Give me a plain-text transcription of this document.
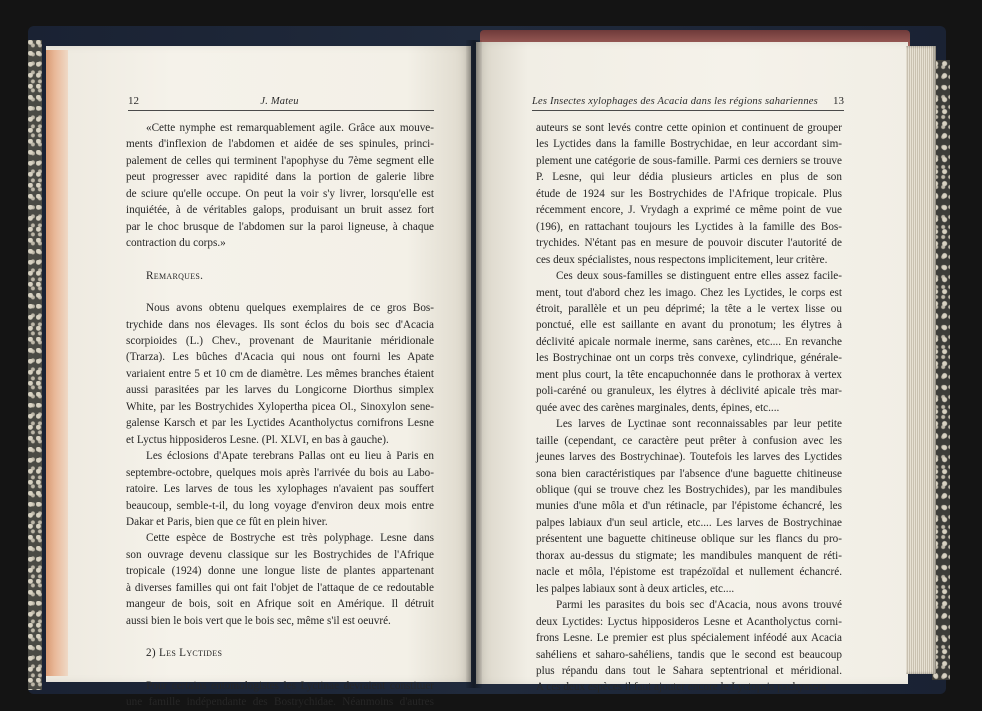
12	J. Mateu	Les Insectes xylophages des Acacia dans les régions sahariennes 13
«Cette nymphe est remarquablement agile. Grâce aux mouve-
ments d'inflexion de l'abdomen et aidée de ses spinules, princi-
palement de celles qui terminent l'apophyse du 7ème segment elle
peut progresser avec rapidité dans la portion de galerie libre
de sciure qu'elle occupe. On peut la voir s'y livrer, lorsqu'elle est
inquiétée, à de véritables galops, produisant un bruit assez fort
par le choc brusque de l'abdomen sur la paroi ligneuse, à chaque
contraction du corps.»
Remarques.
Nous avons obtenu quelques exemplaires de ce gros Bos-
trychide dans nos élevages. Ils sont éclos du bois sec d'Acacia
scorpioides (L.) Chev., provenant de Mauritanie méridionale
(Trarza). Les bûches d'Acacia qui nous ont fourni les Apate
variaient entre 5 et 10 cm de diamètre. Les mêmes branches étaient
aussi parasitées par les larves du Longicorne Diorthus simplex
White, par les Bostrychides Xylopertha picea Ol., Sinoxylon sene-
galense Karsch et par les Lyctides Acantholyctus cornifrons Lesne
et Lyctus hipposideros Lesne. (Pl. XLVI, en bas à gauche).
Les éclosions d'Apate terebrans Pallas ont eu lieu à Paris en
septembre-octobre, quelques mois après l'arrivée du bois au Labo-
ratoire. Les larves de tous les xylophages n'avaient pas souffert
beaucoup, semble-t-il, du long voyage d'environ deux mois entre
Dakar et Paris, bien que ce fût en plein hiver.
Cette espèce de Bostryche est très polyphage. Lesne dans
son ouvrage devenu classique sur les Bostrychides de l'Afrique
tropicale (1924) donne une longue liste de plantes appartenant
à diverses familles qui ont fait l'objet de l'attaque de ce redoutable
mangeur de bois, soit en Afrique soit en Amérique. Il détruit
aussi bien le bois vert que le bois sec, même s'il est oeuvré.
2) Les Lyctides
Pour certains entomologistes les Lyctinae devraient constituer
une famille indépendante des Bostrychidae. Néanmoins d'autres
auteurs se sont levés contre cette opinion et continuent de grouper
les Lyctides dans la famille Bostrychidae, en leur accordant sim-
plement une catégorie de sous-famille. Parmi ces derniers se trouve
P. Lesne, qui leur dédia plusieurs articles en plus de son
étude de 1924 sur les Bostrychides de l'Afrique tropicale. Plus
récemment encore, J. Vrydagh a exprimé ce même point de vue
(196), en rattachant toujours les Lyctides à la famille des Bos-
trychides. N'étant pas en mesure de pouvoir discuter l'autorité de
ces deux spécialistes, nous respectons implicitement, leur critère.
Ces deux sous-familles se distinguent entre elles assez facile-
ment, tout d'abord chez les imago. Chez les Lyctides, le corps est
étroit, parallèle et un peu déprimé; la tête a le vertex lisse ou
ponctué, elle est saillante en avant du pronotum; les élytres à
déclivité apicale normale inerme, sans carènes, etc.... En revanche
les Bostrychinae ont un corps très convexe, cylindrique, générale-
ment plus court, la tête encapuchonnée dans le prothorax à vertex
poli-caréné ou granuleux, les élytres à déclivité apicale très mar-
quée avec des carènes marginales, dents, épines, etc....
Les larves de Lyctinae sont reconnaissables par leur petite
taille (cependant, ce caractère peut prêter à confusion avec les
jeunes larves des Bostrychinae). Toutefois les larves des Lyctides
sona bien caractéristiques par l'absence d'une baguette chitineuse
oblique (qui se trouve chez les Bostrychides), par les mandibules
munies d'une môla et d'un rétinacle, par l'épistome échancré, les
palpes labiaux d'un seul article, etc.... Les larves de Bostrychinae
présentent une baguette chitineuse oblique sur les flancs du pro-
thorax au-dessus du stigmate; les mandibules manquent de réti-
nacle et môla, l'épistome est trapézoïdal et nullement échancré.
les palpes labiaux sont à deux articles, etc....
Parmi les parasites du bois sec d'Acacia, nous avons trouvé
deux Lyctides: Lyctus hipposideros Lesne et Acantholyctus corni-
frons Lesne. Le premier est plus spécialement inféodé aux Acacia
sahéliens et saharo-sahéliens, tandis que le second est beaucoup
plus répandu dans tout le Sahara septentrional et méridional.
A ces deux espèces il faut ajouter encore le Lyctopsis pachymera
